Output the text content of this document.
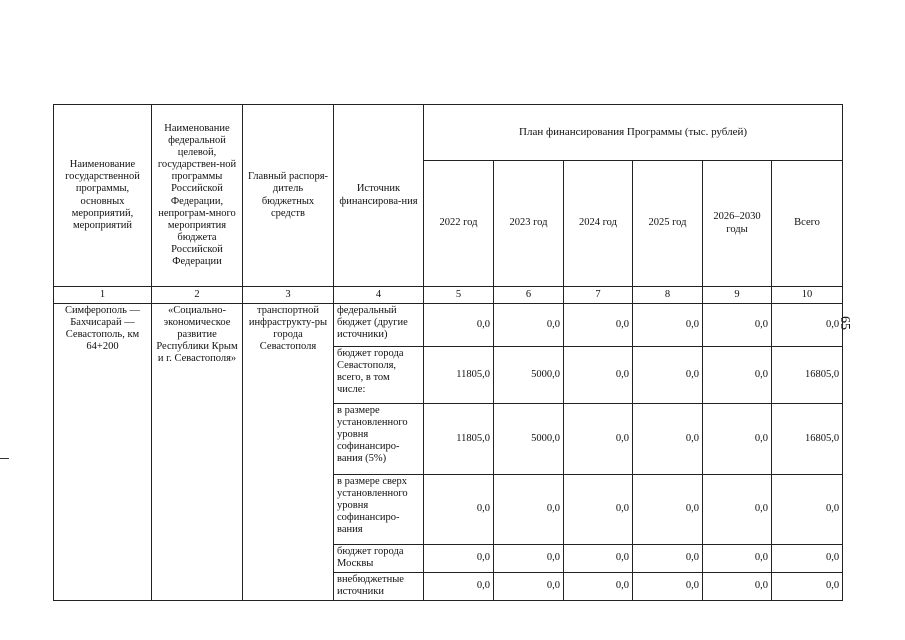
65
Наименование государственной программы, основных мероприятий, мероприятий	Наименование федеральной целевой, государствен-ной программы Российской Федерации, непрограм-много мероприятия бюджета Российской Федерации	Главный распоря-дитель бюджетных средств	Источник финансирова-ния	План финансирования Программы (тыс. рублей)					
				2022 год	2023 год	2024 год	2025 год	2026–2030 годы	Всего
1	2	3	4	5	6	7	8	9	10
Симферополь — Бахчисарай — Севастополь, км 64+200	«Социально-экономическое развитие Республики Крым и г. Севастополя»	транспортной инфраструкту-ры города Севастополя	федеральный бюджет (другие источники)	0,0	0,0	0,0	0,0	0,0	0,0
			бюджет города Севастополя, всего, в том числе:	11805,0	5000,0	0,0	0,0	0,0	16805,0
			в размере установленного уровня софинансиро-вания (5%)	11805,0	5000,0	0,0	0,0	0,0	16805,0
			в размере сверх установленного уровня софинансиро-вания	0,0	0,0	0,0	0,0	0,0	0,0
			бюджет города Москвы	0,0	0,0	0,0	0,0	0,0	0,0
			внебюджетные источники	0,0	0,0	0,0	0,0	0,0	0,0
